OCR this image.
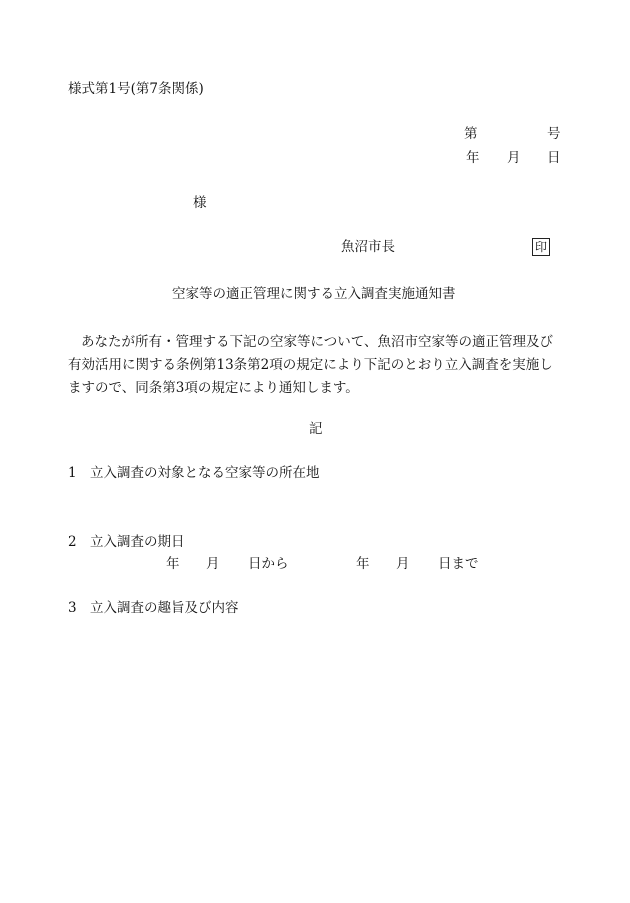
様式第1号(第7条関係)
第	号
年 月 日
様
魚沼市長	印
空家等の適正管理に関する立入調査実施通知書
あなたが所有・管理する下記の空家等について、魚沼市空家等の適正管理及び有効活用に関する条例第13条第2項の規定により下記のとおり立入調査を実施しますので、同条第3項の規定により通知します。
記
1 立入調査の対象となる空家等の所在地
2 立入調査の期日
年 月 日から	年 月 日まで
3 立入調査の趣旨及び内容
